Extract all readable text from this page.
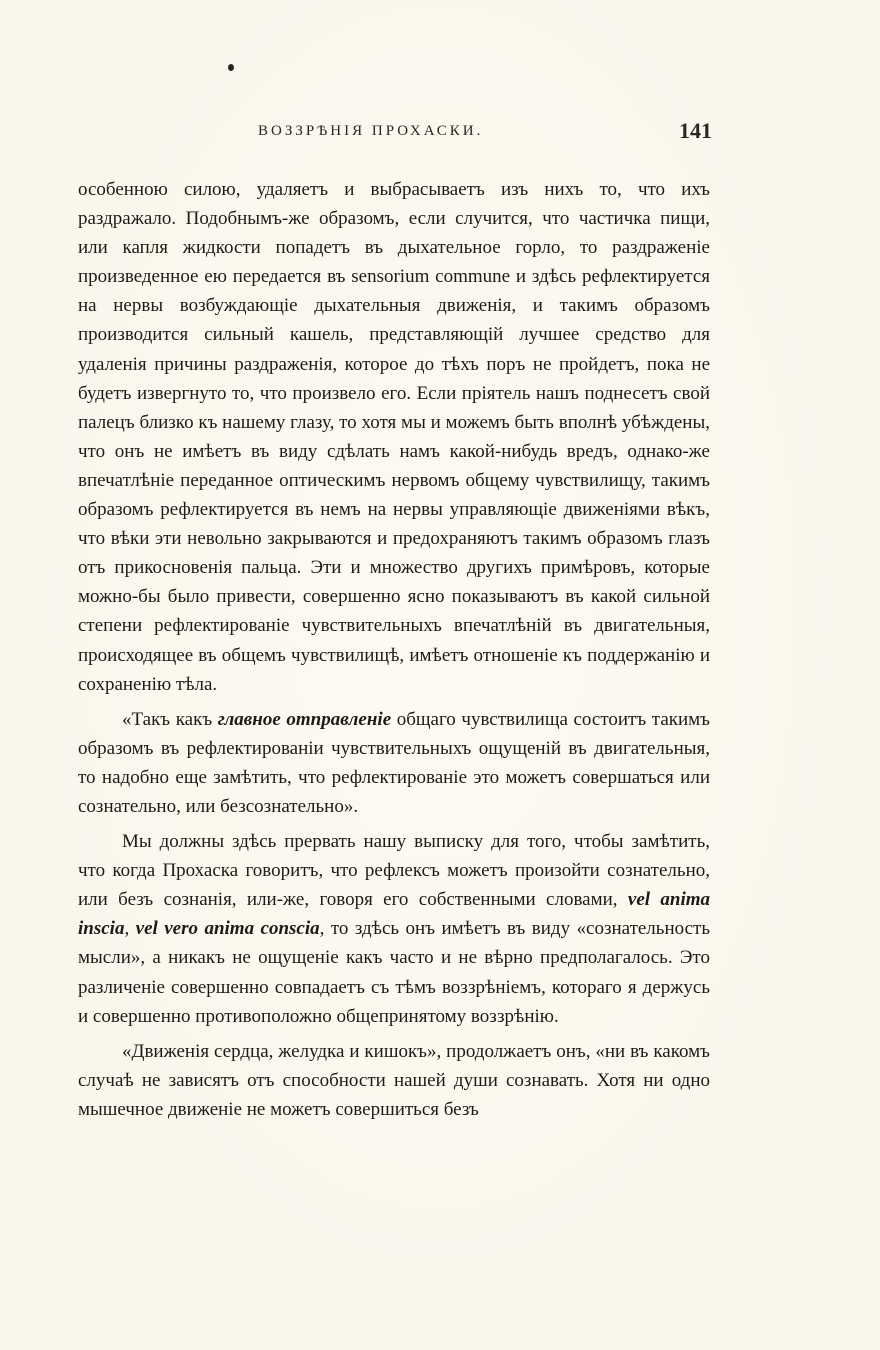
ВОЗЗРѢНІЯ ПРОХАСКИ.	141

особенною силою, удаляетъ и выбрасываетъ изъ нихъ то, что ихъ раздражало. Подобнымъ-же образомъ, если случится, что частичка пищи, или капля жидкости попадетъ въ дыхательное горло, то раздраженіе произведенное ею передается въ sensorium commune и здѣсь рефлектируется на нервы возбуждающіе дыхательныя движенія, и такимъ образомъ производится сильный кашель, представляющій лучшее средство для удаленія причины раздраженія, которое до тѣхъ поръ не пройдетъ, пока не будетъ извергнуто то, что произвело его. Если пріятель нашъ поднесетъ свой палецъ близко къ нашему глазу, то хотя мы и можемъ быть вполнѣ убѣждены, что онъ не имѣетъ въ виду сдѣлать намъ какой-нибудь вредъ, однако-же впечатлѣніе переданное оптическимъ нервомъ общему чувствилищу, такимъ образомъ рефлектируется въ немъ на нервы управляющіе движеніями вѣкъ, что вѣки эти невольно закрываются и предохраняютъ такимъ образомъ глазъ отъ прикосновенія пальца. Эти и множество другихъ примѣровъ, которые можно-бы было привести, совершенно ясно показываютъ въ какой сильной степени рефлектированіе чувствительныхъ впечатлѣній въ двигательныя, происходящее въ общемъ чувствилищѣ, имѣетъ отношеніе къ поддержанію и сохраненію тѣла.

«Такъ какъ главное отправленіе общаго чувствилища состоитъ такимъ образомъ въ рефлектированіи чувствительныхъ ощущеній въ двигательныя, то надобно еще замѣтить, что рефлектированіе это можетъ совершаться или сознательно, или безсознательно».

Мы должны здѣсь прервать нашу выписку для того, чтобы замѣтить, что когда Прохаска говоритъ, что рефлексъ можетъ произойти сознательно, или безъ сознанія, или-же, говоря его собственными словами, vel anima inscia, vel vero anima conscia, то здѣсь онъ имѣетъ въ виду «сознательность мысли», а никакъ не ощущеніе какъ часто и не вѣрно предполагалось. Это различеніе совершенно совпадаетъ съ тѣмъ воззрѣніемъ, котораго я держусь и совершенно противоположно общепринятому воззрѣнію.

«Движенія сердца, желудка и кишокъ», продолжаетъ онъ, «ни въ какомъ случаѣ не зависятъ отъ способности нашей души сознавать. Хотя ни одно мышечное движеніе не можетъ совершиться безъ
